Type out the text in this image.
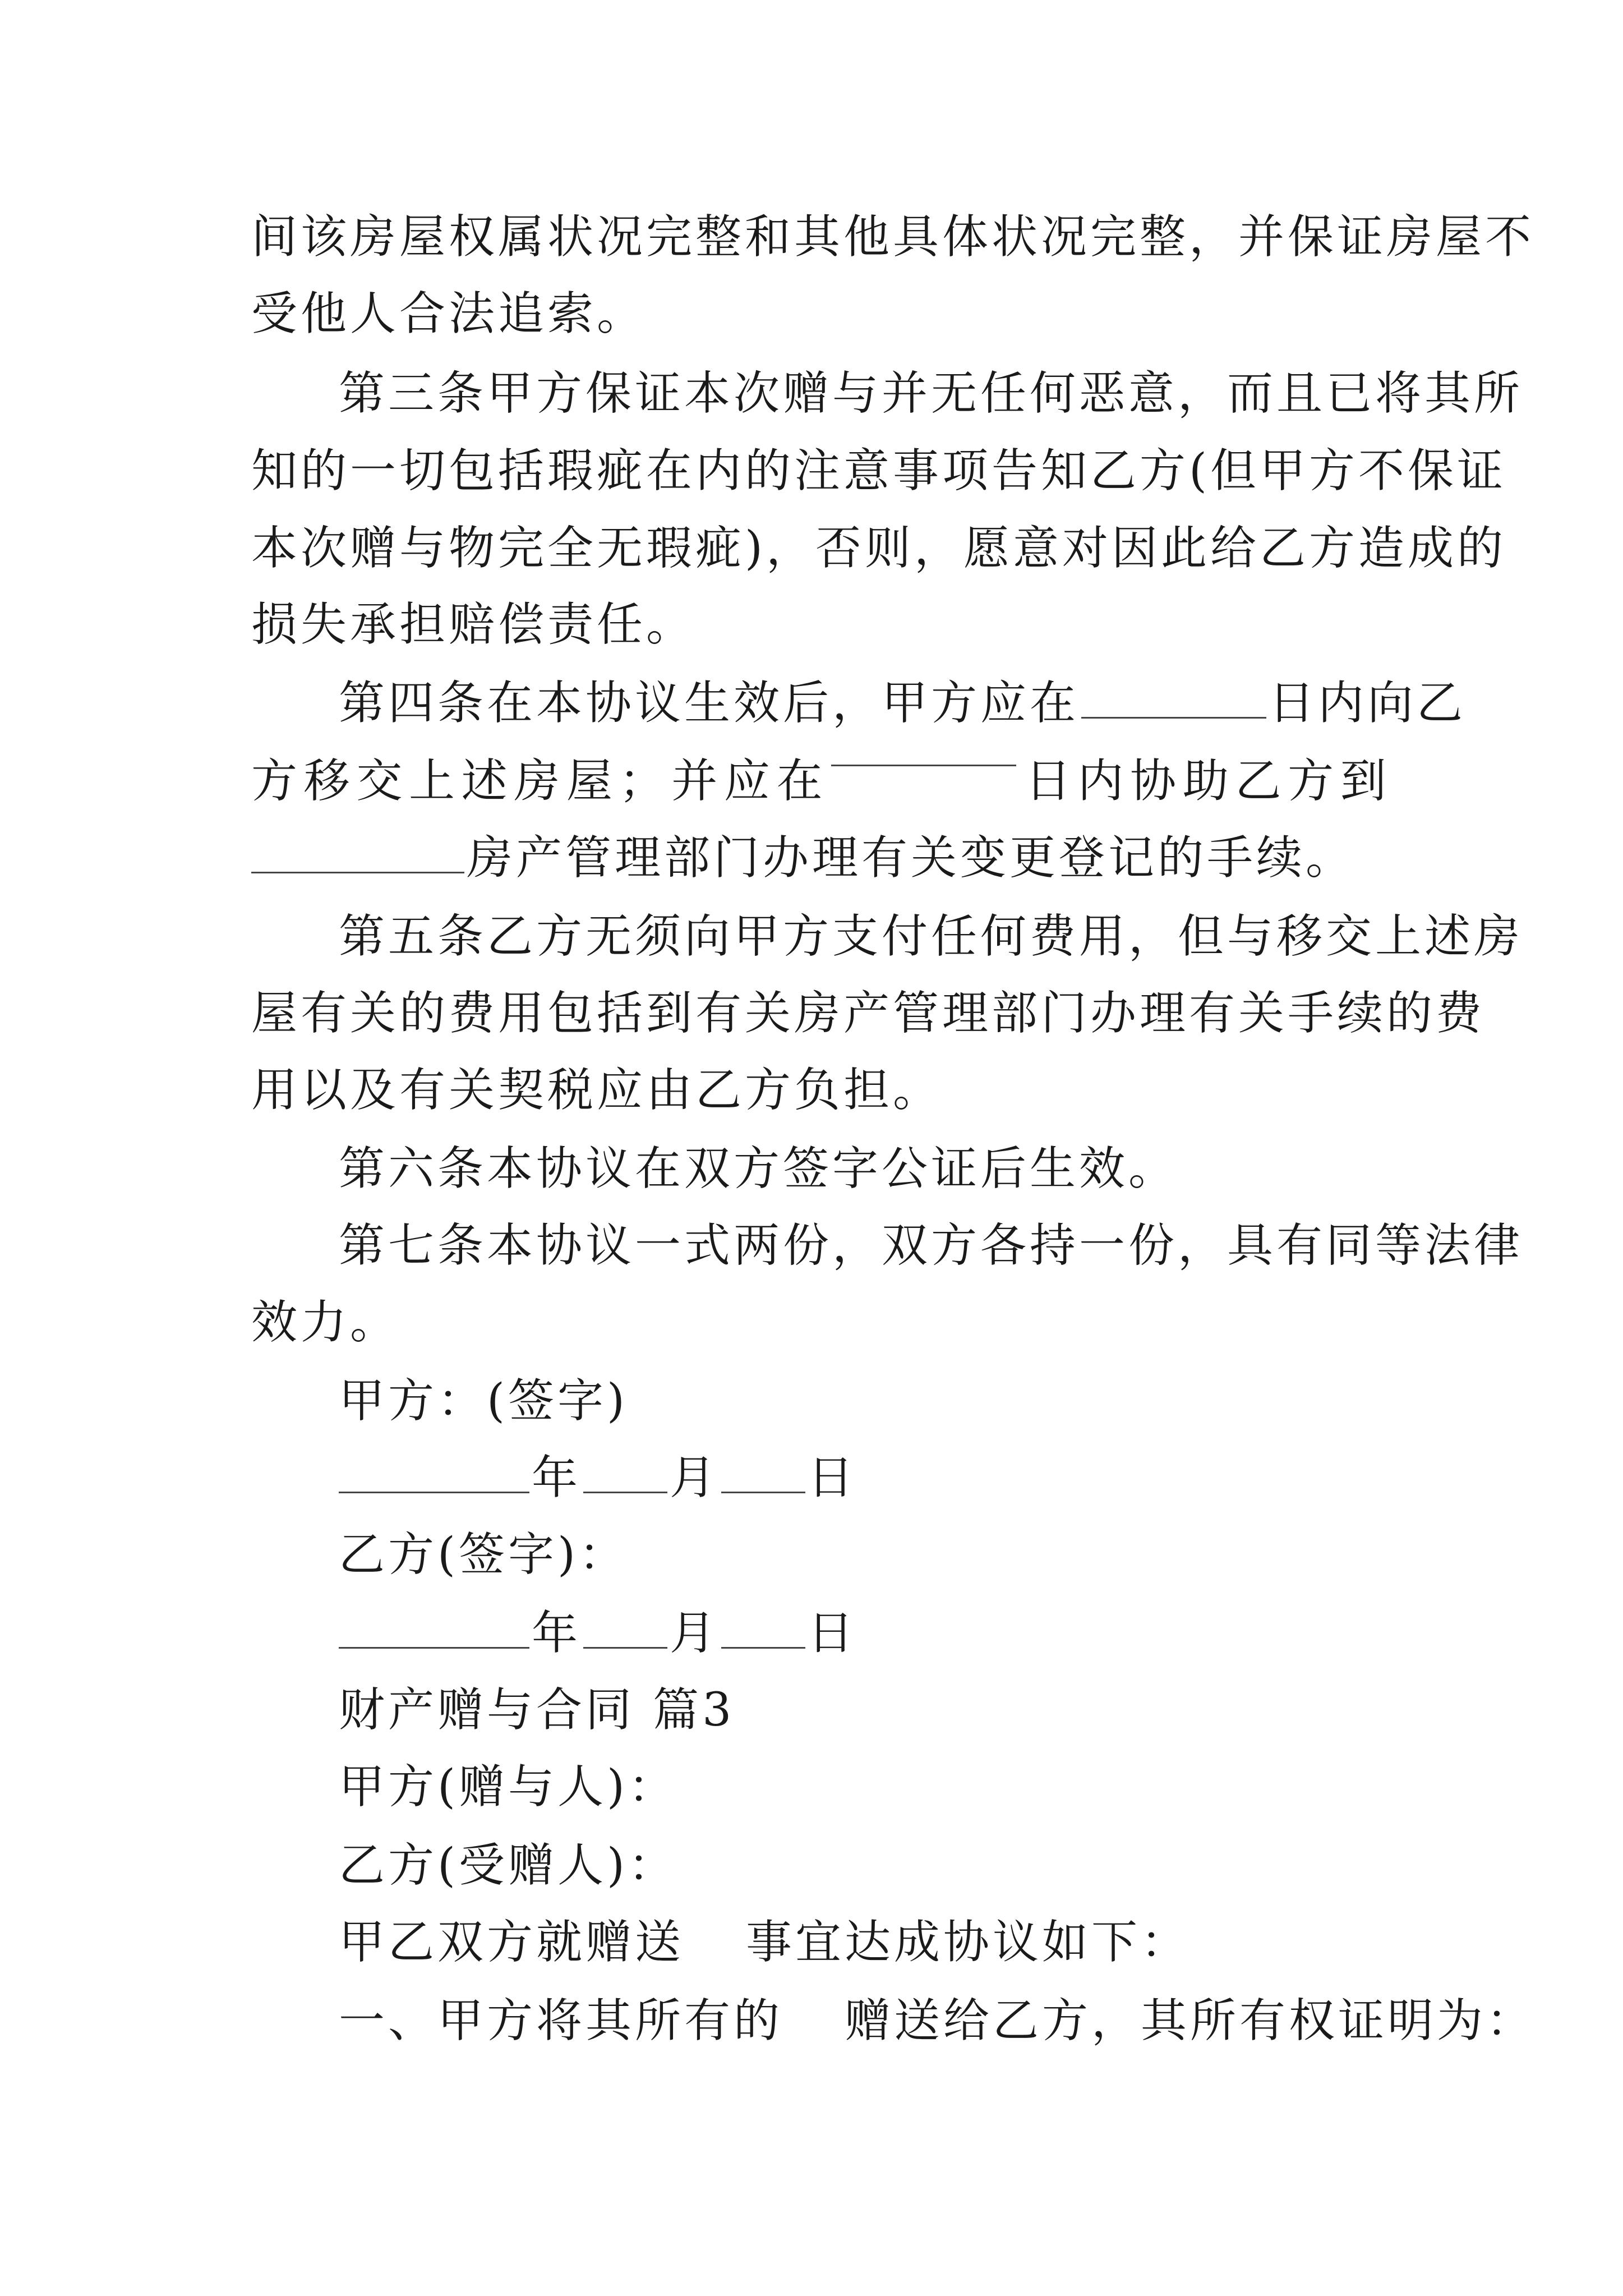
间该房屋权属状况完整和其他具体状况完整，并保证房屋不
受他人合法追索。
第三条甲方保证本次赠与并无任何恶意，而且已将其所
知的一切包括瑕疵在内的注意事项告知乙方(但甲方不保证
本次赠与物完全无瑕疵)，否则，愿意对因此给乙方造成的
损失承担赔偿责任。
第四条在本协议生效后，甲方应在	日内向乙
方 移 交 上 述 房 屋 ； 并 应 在	日 内 协 助 乙 方 到
房产管理部门办理有关变更登记的手续。
第五条乙方无须向甲方支付任何费用，但与移交上述房
屋有关的费用包括到有关房产管理部门办理有关手续的费
用以及有关契税应由乙方负担。
第六条本协议在双方签字公证后生效。
第七条本协议一式两份，双方各持一份，具有同等法律
效力。
甲方：(签字)
年 月 日
乙方(签字)：
年 月 日
财产赠与合同 篇3
甲方(赠与人)：
乙方(受赠人)：
甲乙双方就赠送 事宜达成协议如下：
一、甲方将其所有的 赠送给乙方，其所有权证明为：
